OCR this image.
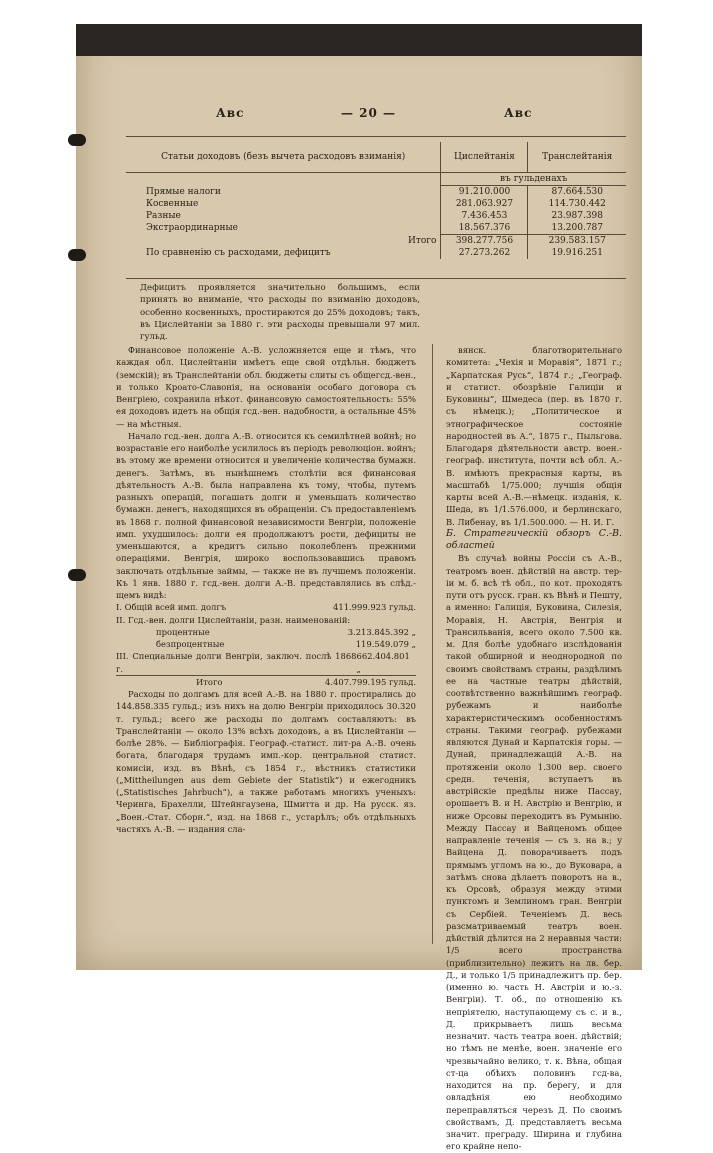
Авс	— 20 —	Авс
Статьи доходовъ (безъ вычета расходовъ взиманія)	Цислейтанія	Транслейтанія
	въ гульденахъ	
Прямые налоги	91.210.000	87.664.530
Косвенные	281.063.927	114.730.442
Разные	7.436.453	23.987.398
Экстраординарные	18.567.376	13.200.787
Итого	398.277.756	239.583.157
По сравненію съ расходами, дефицитъ	27.273.262	19.916.251
Дефицитъ проявляется значительно большимъ, если принять во вниманіе, что расходы по взиманію доходовъ, особенно косвенныхъ, простираются до 25% доходовъ; такъ, въ Цислейтаніи за 1880 г. эти расходы превышали 97 мил. гульд.

Финансовое положеніе А.-В. усложняется еще и тѣмъ, что каждая обл. Цислейтаніи имѣетъ еще свой отдѣльн. бюджетъ (земскій); въ Транслейтаніи обл. бюджеты слиты съ общегсд.-вен., и только Кроато-Славонія, на основаніи особаго договора съ Венгріею, сохранила нѣкот. финансовую самостоятельность: 55% ея доходовъ идетъ на общія гсд.-вен. надобности, а остальные 45% — на мѣстныя.

Начало гсд.-вен. долга А.-В. относится къ семилѣтней войнѣ; но возрастаніе его наиболѣе усилилось въ періодъ революціон. войнъ; въ этому же времени относится и увеличеніе количества бумажн. денегъ. Затѣмъ, въ нынѣшнемъ столѣтіи вся финансовая дѣятельность А.-В. была направлена къ тому, чтобы, путемъ разныхъ операцій, погашать долги и уменьшать количество бумажн. денегъ, находящихся въ обращеніи. Съ предоставленіемъ въ 1868 г. полной финансовой независимости Венгріи, положеніе имп. ухудшилось: долги ея продолжаютъ рости, дефициты не уменьшаются, а кредитъ сильно поколебленъ прежними операціями. Венгрія, широко воспользовавшись правомъ заключать отдѣльные займы, — также не въ лучшемъ положеніи. Къ 1 янв. 1880 г. гсд.-вен. долги А.-В. представлялись въ слѣд.-щемъ видѣ:

I. Общій всей имп. долгъ	411.999.923 гульд.
II. Гсд.-вен. долги Цислейтаніи, разн. наименованій:
процентные	3.213.845.392 „
безпроцентные	119.549.079 „
III. Специальные долги Венгріи, заключ. послѣ 1868 г.
662.404.801 „
Итого	4.407.799.195 гульд.

Расходы по долгамъ для всей А.-В. на 1880 г. простирались до 144.858.335 гульд.; изъ нихъ на долю Венгріи приходилось 30.320 т. гульд.; всего же расходы по долгамъ составляютъ: въ Транслейтаніи — около 13% всѣхъ доходовъ, а въ Цислейтаніи — болѣе 28%. — Библіографія. Географ.-статист. лит-ра А.-В. очень богата, благодаря трудамъ имп.-кор. центральной статист. комисіи, изд. въ Вѣнѣ, съ 1854 г., вѣстникъ статистики („Mittheilungen aus dem Gebiete der Statistik“) и ежегодникъ („Statistisches Jahrbuch“), а также работамъ многихъ ученыхъ: Черинга, Брахелли, Штейнгаузена, Шмитта и др. На русск. яз. „Воен.-Стат. Сборн.“, изд. на 1868 г., устарѣлъ; объ отдѣльныхъ частяхъ А.-В. — издания сла-

вянск. благотворительнаго комитета: „Чехія и Моравія“, 1871 г.; „Карпатская Русь“, 1874 г.; „Географ. и статист. обозрѣніе Галиціи и Буковины“, Шмедеса (пер. въ 1870 г. съ нѣмецк.); „Политическое и этнографическое состояніе народностей въ А.“, 1875 г., Пыльгова. Благодаря дѣятельности австр. воен.-географ. института, почти всѣ обл. А.-В. имѣютъ прекрасныя карты, въ масштабѣ 1/75.000; лучшія общія карты всей А.-В.—нѣмецк. изданія, к. Шеда, въ 1/1.576.000, и берлинскаго, В. Либенау, въ 1/1.500.000. — Н. И. Г.

Б. Стратегическій обзоръ С.-В. областей

Въ случаѣ войны Россіи съ А.-В., театромъ воен. дѣйствій на австр. тер-іи м. б. всѣ тѣ обл., по кот. проходятъ пути отъ русск. гран. къ Вѣнѣ и Пешту, а именно: Галиція, Буковина, Силезія, Моравія, Н. Австрія, Венгрія и Трансильванія, всего около 7.500 кв. м. Для болѣе удобнаго изслѣдованія такой обширной и неоднородной по своимъ свойствамъ страны, раздѣлимъ ее на частные театры дѣйствій, соотвѣтственно важнѣйшимъ географ. рубежамъ и наиболѣе характеристическимъ особенностямъ страны. Такими географ. рубежами являются Дунай и Карпатскія горы. — Дунай, принадлежащій А.-В. на протяженіи около 1.300 вер. своего средн. теченія, вступаетъ въ австрійскіе предѣлы ниже Пассау, орошаетъ В. и Н. Австрію и Венгрію, и ниже Орсовы переходитъ въ Румынію. Между Пассау и Вайценомъ общее направленіе теченія — съ з. на в.; у Вайцена Д. поворачиваетъ подъ прямымъ угломъ на ю., до Вуковара, а затѣмъ снова дѣлаетъ поворотъ на в., къ Орсовѣ, образуя между этими пунктомъ и Землиномъ гран. Венгріи съ Сербіей. Теченіемъ Д. весь разсматриваемый театръ воен. дѣйствій дѣлится на 2 неравныя части: 1/5 всего пространства (приблизительно) лежитъ на лв. бер. Д., и только 1/5 принадлежитъ пр. бер. (именно ю. часть Н. Австріи и ю.-з. Венгріи). Т. об., по отношенію къ непріятелю, наступающему съ с. и в., Д. прикрываетъ лишь весьма незначит. часть театра воен. дѣйствій; но тѣмъ не менѣе, воен. значеніе его чрезвычайно велико, т. к. Вѣна, общая ст-ца обѣихъ половинъ гсд-ва, находится на пр. берегу, и для овладѣнія ею необходимо переправляться черезъ Д. По своимъ свойствамъ, Д. представляетъ весьма значит. преграду. Ширина и глубина его крайне непо-
